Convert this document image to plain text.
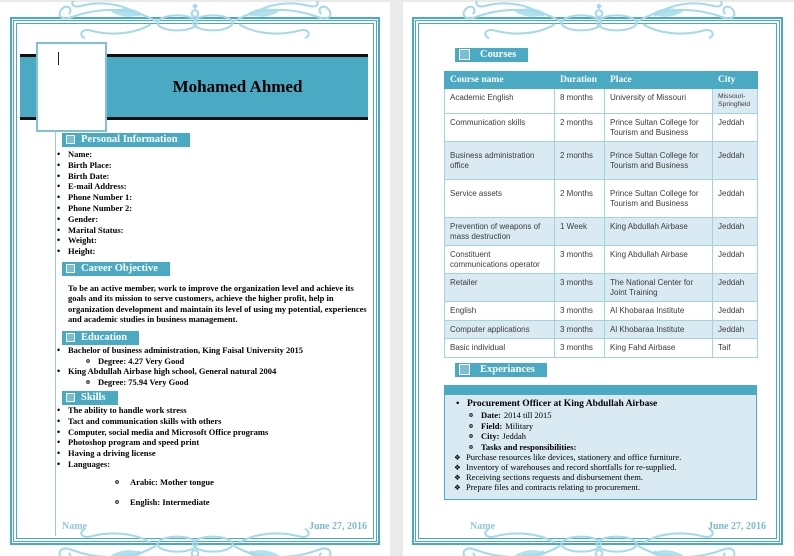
Mohamed Ahmed
Personal Information
• Name:
• Birth Place:
• Birth Date:
• E-mail Address:
• Phone Number 1:
• Phone Number 2:
• Gender:
• Marital Status:
• Weight:
• Height:
Career Objective
To be an active member, work to improve the organization level and achieve its goals and its mission to serve customers, achieve the higher profit, help in organization development and maintain its level of using my potential, experiences and academic studies in business management.
Education
• Bachelor of business administration, King Faisal University 2015
o Degree: 4.27 Very Good
• King Abdullah Airbase high school, General natural 2004
o Degree: 75.94 Very Good
Skills
• The ability to handle work stress
• Tact and communication skills with others
• Computer, social media and Microsoft Office programs
• Photoshop program and speed print
• Having a driving license
• Languages:
o Arabic: Mother tongue
o English: Intermediate
Name	June 27, 2016
Courses
Course name	Duration	Place	City
Academic English	8 months	University of Missouri	Missouri-Springfield
Communication skills	2 months	Prince Sultan College for Tourism and Business	Jeddah
Business administration office	2 months	Prince Sultan College for Tourism and Business	Jeddah
Service assets	2 Months	Prince Sultan College for Tourism and Business	Jeddah
Prevention of weapons of mass destruction	1 Week	King Abdullah Airbase	Jeddah
Constituent communications operator	3 months	King Abdullah Airbase	Jeddah
Retailer	3 months	The National Center for Joint Training	Jeddah
English	3 months	Al Khobaraa Institute	Jeddah
Computer applications	3 months	Al Khobaraa Institute	Jeddah
Basic individual	3 months	King Fahd Airbase	Taif
Experiances
• Procurement Officer at King Abdullah Airbase
o Date: 2014 till 2015
o Field: Military
o City: Jeddah
o Tasks and responsibilities:
❖ Purchase resources like devices, stationery and office furniture.
❖ Inventory of warehouses and record shortfalls for re-supplied.
❖ Receiving sections requests and disbursement them.
❖ Prepare files and contracts relating to procurement.
Name	June 27, 2016
